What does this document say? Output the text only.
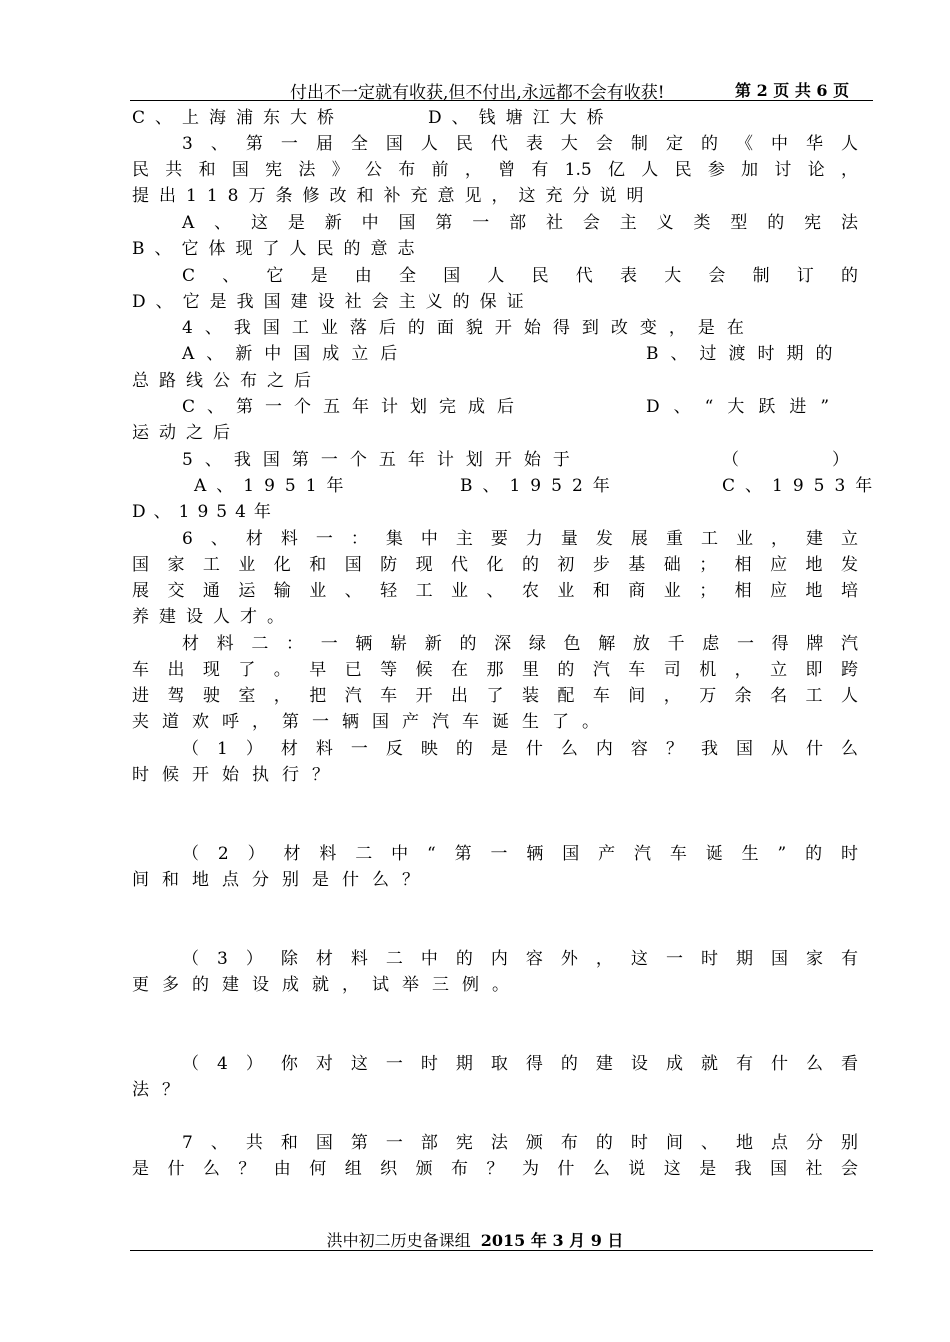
付出不一定就有收获,但不付出,永远都不会有收获!	第 2 页 共 6 页
C、上海浦东大桥	D、钱塘江大桥
3、第一届全国人民代表大会制定的《中华人
民共和国宪法》公布前，曾有1.5亿人民参加讨论，
提出118万条修改和补充意见，这充分说明
A、这是新中国第一部社会主义类型的宪法
B、它体现了人民的意志
C、它是由全国人民代表大会制订的
D、它是我国建设社会主义的保证
4、我国工业落后的面貌开始得到改变，是在
A、新中国成立后	B、过渡时期的
总路线公布之后
C、第一个五年计划完成后	D、“大跃进”
运动之后
5、我国第一个五年计划开始于	（	）
A、1951年	B、1952年	C、1953年
D、1954年
6、材料一：集中主要力量发展重工业，建立
国家工业化和国防现代化的初步基础；相应地发
展交通运输业、轻工业、农业和商业；相应地培
养建设人才。
材料二：一辆崭新的深绿色解放千虑一得牌汽
车出现了。早已等候在那里的汽车司机，立即跨
进驾驶室，把汽车开出了装配车间，万余名工人
夹道欢呼，第一辆国产汽车诞生了。
（1）材料一反映的是什么内容？我国从什么
时候开始执行？
（2）材料二中“第一辆国产汽车诞生”的时
间和地点分别是什么？
（3）除材料二中的内容外，这一时期国家有
更多的建设成就，试举三例。
（4）你对这一时期取得的建设成就有什么看
法？
7、共和国第一部宪法颁布的时间、地点分别
是什么？由何组织颁布？为什么说这是我国社会
洪中初二历史备课组 2015 年 3 月 9 日
